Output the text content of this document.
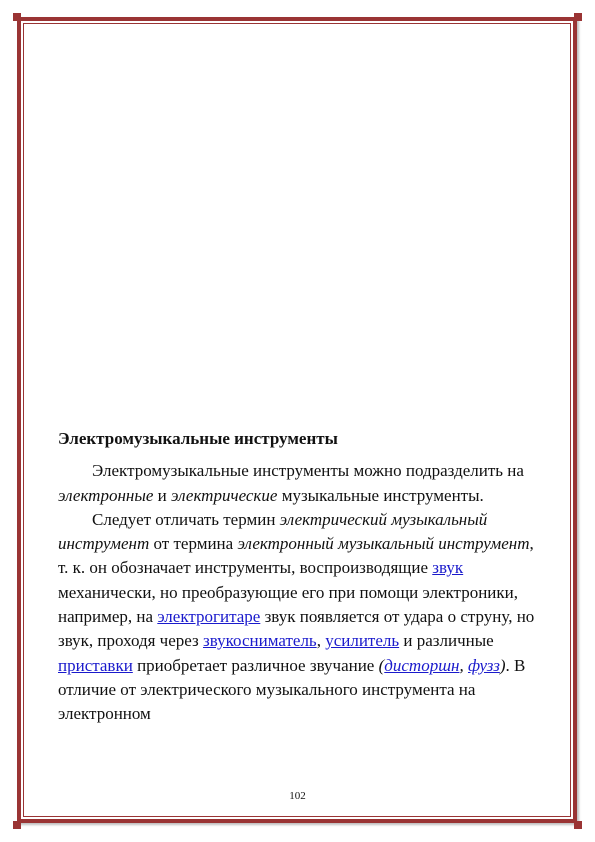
Электромузыкальные инструменты

Электромузыкальные инструменты можно подразделить на электронные и электрические музыкальные инструменты.

Следует отличать термин электрический музыкальный инструмент от термина электронный музыкальный инструмент, т. к. он обозначает инструменты, воспроизводящие звук механически, но преобразующие его при помощи электроники, например, на электрогитаре звук появляется от удара о струну, но звук, проходя через звукосниматель, усилитель и различные приставки приобретает различное звучание (дисторшн, фузз). В отличие от электрического музыкального инструмента на электронном

102
